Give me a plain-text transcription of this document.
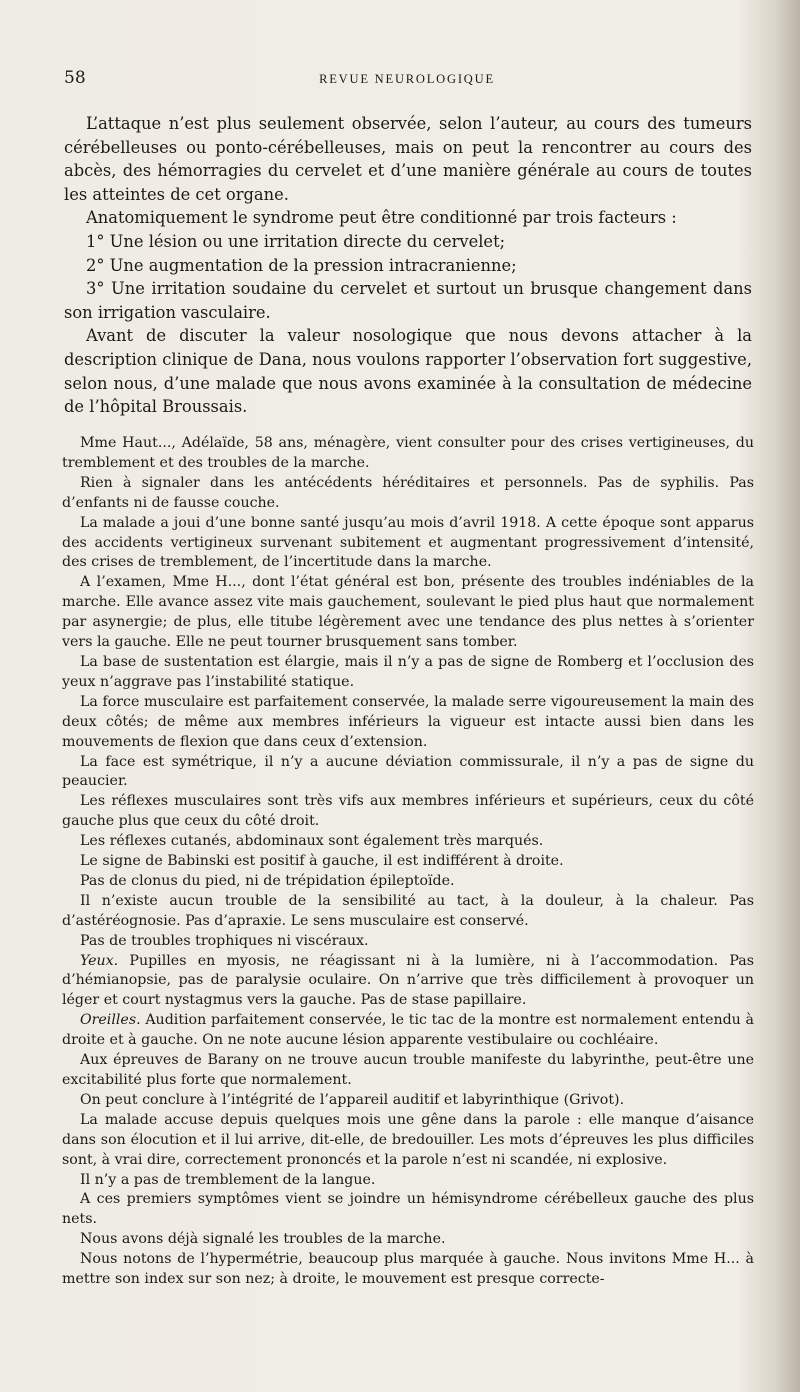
58	REVUE NEUROLOGIQUE

L’attaque n’est plus seulement observée, selon l’auteur, au cours des tumeurs cérébelleuses ou ponto-cérébelleuses, mais on peut la rencontrer au cours des abcès, des hémorragies du cervelet et d’une manière générale au cours de toutes les atteintes de cet organe.

Anatomiquement le syndrome peut être conditionné par trois facteurs :

1° Une lésion ou une irritation directe du cervelet;

2° Une augmentation de la pression intracranienne;

3° Une irritation soudaine du cervelet et surtout un brusque changement dans son irrigation vasculaire.

Avant de discuter la valeur nosologique que nous devons attacher à la description clinique de Dana, nous voulons rapporter l’observation fort suggestive, selon nous, d’une malade que nous avons examinée à la consultation de médecine de l’hôpital Broussais.

Mme Haut..., Adélaïde, 58 ans, ménagère, vient consulter pour des crises vertigineuses, du tremblement et des troubles de la marche.

Rien à signaler dans les antécédents héréditaires et personnels. Pas de syphilis. Pas d’enfants ni de fausse couche.

La malade a joui d’une bonne santé jusqu’au mois d’avril 1918. A cette époque sont apparus des accidents vertigineux survenant subitement et augmentant progressivement d’intensité, des crises de tremblement, de l’incertitude dans la marche.

A l’examen, Mme H..., dont l’état général est bon, présente des troubles indéniables de la marche. Elle avance assez vite mais gauchement, soulevant le pied plus haut que normalement par asynergie; de plus, elle titube légèrement avec une tendance des plus nettes à s’orienter vers la gauche. Elle ne peut tourner brusquement sans tomber.

La base de sustentation est élargie, mais il n’y a pas de signe de Romberg et l’occlusion des yeux n’aggrave pas l’instabilité statique.

La force musculaire est parfaitement conservée, la malade serre vigoureusement la main des deux côtés; de même aux membres inférieurs la vigueur est intacte aussi bien dans les mouvements de flexion que dans ceux d’extension.

La face est symétrique, il n’y a aucune déviation commissurale, il n’y a pas de signe du peaucier.

Les réflexes musculaires sont très vifs aux membres inférieurs et supérieurs, ceux du côté gauche plus que ceux du côté droit.

Les réflexes cutanés, abdominaux sont également très marqués.

Le signe de Babinski est positif à gauche, il est indifférent à droite.

Pas de clonus du pied, ni de trépidation épileptoïde.

Il n’existe aucun trouble de la sensibilité au tact, à la douleur, à la chaleur. Pas d’astéréognosie. Pas d’apraxie. Le sens musculaire est conservé.

Pas de troubles trophiques ni viscéraux.

Yeux. Pupilles en myosis, ne réagissant ni à la lumière, ni à l’accommodation. Pas d’hémianopsie, pas de paralysie oculaire. On n’arrive que très difficilement à provoquer un léger et court nystagmus vers la gauche. Pas de stase papillaire.

Oreilles. Audition parfaitement conservée, le tic tac de la montre est normalement entendu à droite et à gauche. On ne note aucune lésion apparente vestibulaire ou cochléaire.

Aux épreuves de Barany on ne trouve aucun trouble manifeste du labyrinthe, peut-être une excitabilité plus forte que normalement.

On peut conclure à l’intégrité de l’appareil auditif et labyrinthique (Grivot).

La malade accuse depuis quelques mois une gêne dans la parole : elle manque d’aisance dans son élocution et il lui arrive, dit-elle, de bredouiller. Les mots d’épreuves les plus difficiles sont, à vrai dire, correctement prononcés et la parole n’est ni scandée, ni explosive.

Il n’y a pas de tremblement de la langue.

A ces premiers symptômes vient se joindre un hémisyndrome cérébelleux gauche des plus nets.

Nous avons déjà signalé les troubles de la marche.

Nous notons de l’hypermétrie, beaucoup plus marquée à gauche. Nous invitons Mme H... à mettre son index sur son nez; à droite, le mouvement est presque correcte-
